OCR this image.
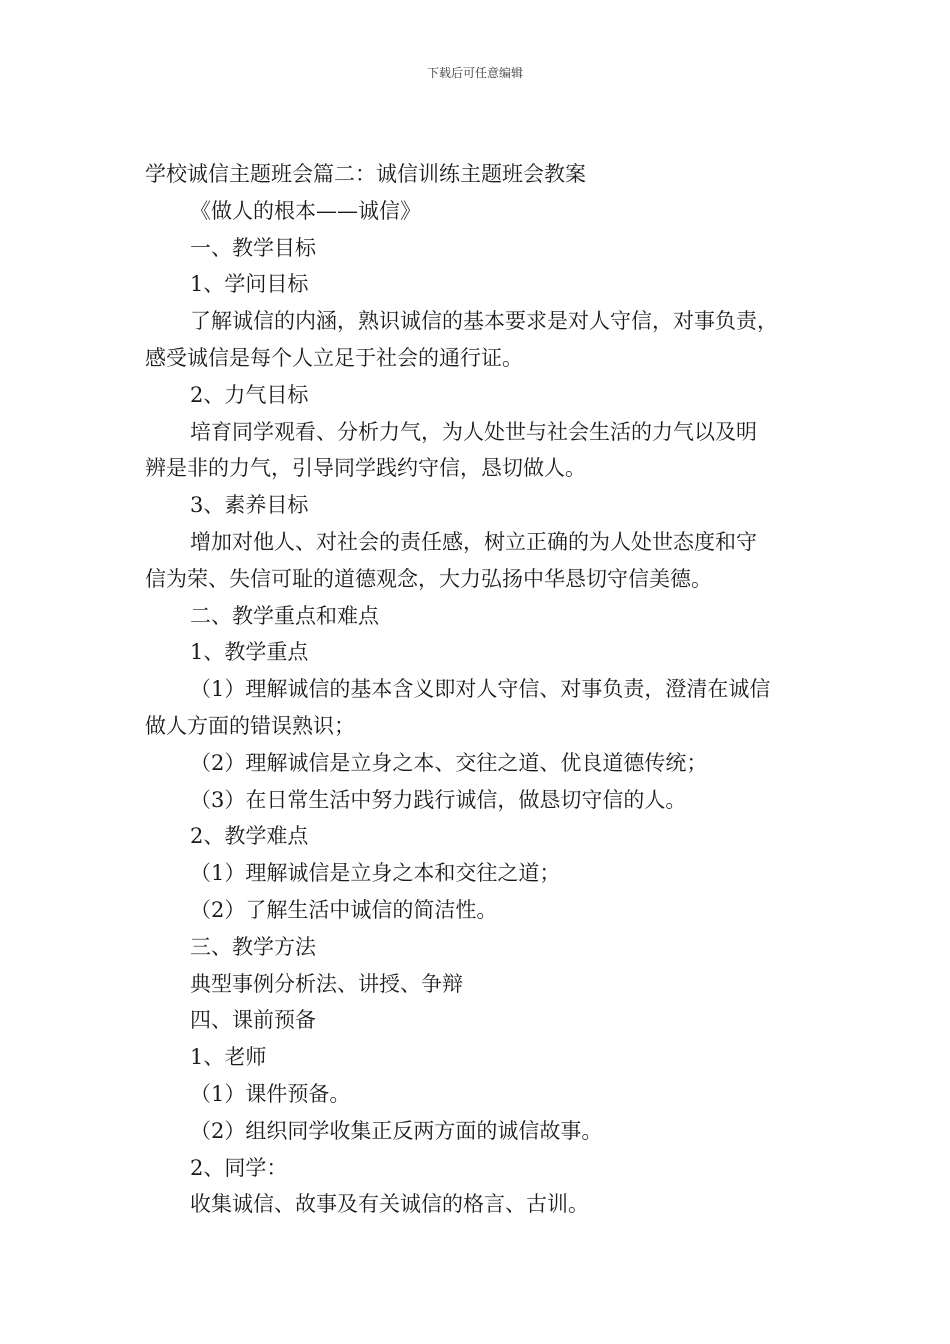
下载后可任意编辑

学校诚信主题班会篇二：诚信训练主题班会教案

《做人的根本——诚信》

一、教学目标

1、学问目标

了解诚信的内涵，熟识诚信的基本要求是对人守信，对事负责，

感受诚信是每个人立足于社会的通行证。

2、力气目标

培育同学观看、分析力气，为人处世与社会生活的力气以及明

辨是非的力气，引导同学践约守信，恳切做人。

3、素养目标

增加对他人、对社会的责任感，树立正确的为人处世态度和守

信为荣、失信可耻的道德观念，大力弘扬中华恳切守信美德。

二、教学重点和难点

1、教学重点

（1）理解诚信的基本含义即对人守信、对事负责，澄清在诚信

做人方面的错误熟识；

（2）理解诚信是立身之本、交往之道、优良道德传统；

（3）在日常生活中努力践行诚信，做恳切守信的人。

2、教学难点

（1）理解诚信是立身之本和交往之道；

（2）了解生活中诚信的简洁性。

三、教学方法

典型事例分析法、讲授、争辩

四、课前预备

1、老师

（1）课件预备。

（2）组织同学收集正反两方面的诚信故事。

2、同学：

收集诚信、故事及有关诚信的格言、古训。
